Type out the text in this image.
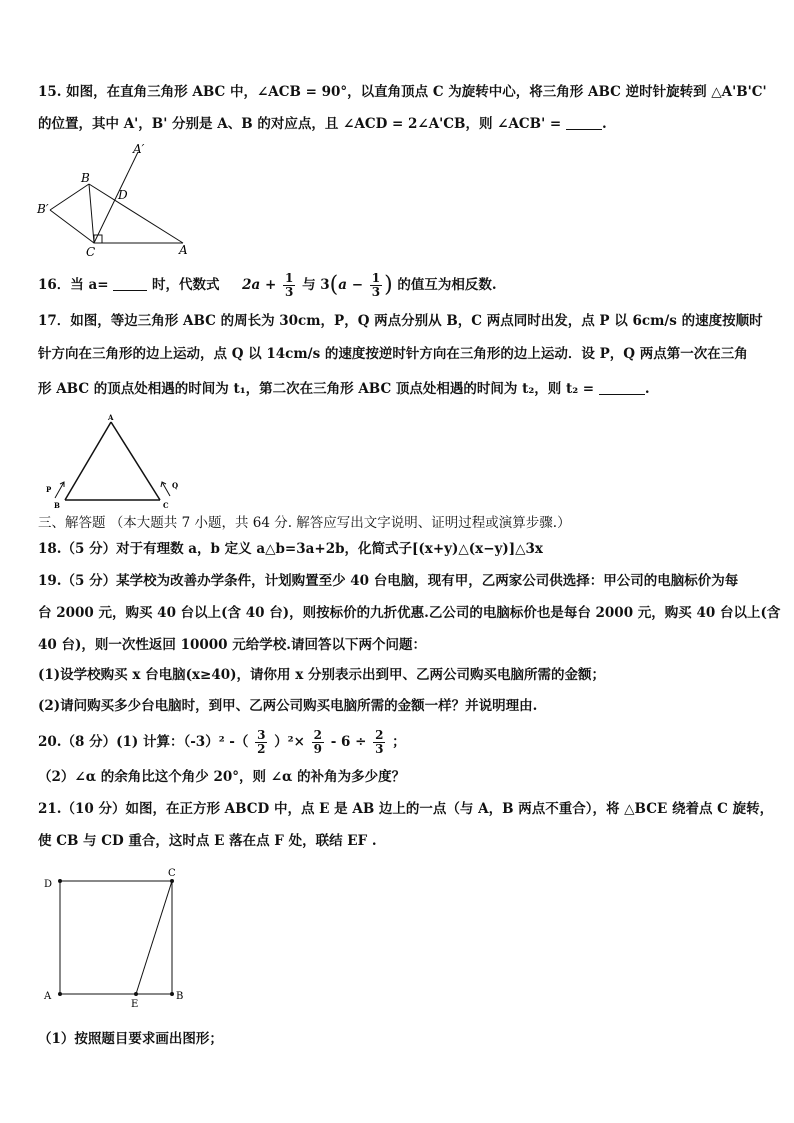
15. 如图，在直角三角形 ABC 中，∠ACB = 90°，以直角顶点 C 为旋转中心，将三角形 ABC 逆时针旋转到 △A'B'C'
的位置，其中 A'，B' 分别是 A、B 的对应点，且 ∠ACD = 2∠A'CB，则 ∠ACB' =	.
A′
B
D
B′
C	A
16．当 a=	时，代数式 $2a + \frac{1}{3}$ 与 $3(a - \frac{1}{3}$ ) 的值互为相反数.
17．如图，等边三角形 ABC 的周长为 30cm，P，Q 两点分别从 B，C 两点同时出发，点 P 以 6cm/s 的速度按顺时
针方向在三角形的边上运动，点 Q 以 14cm/s 的速度按逆时针方向在三角形的边上运动．设 P，Q 两点第一次在三角
形 ABC 的顶点处相遇的时间为 t₁，第二次在三角形 ABC 顶点处相遇的时间为 t₂，则 t₂ =	.
A
B	C
P	Q
三、解答题 （本大题共 7 小题，共 64 分. 解答应写出文字说明、证明过程或演算步骤.）
18.（5 分）对于有理数 a，b 定义 a△b=3a+2b，化简式子[(x+y)△(x−y)]△3x
19.（5 分）某学校为改善办学条件，计划购置至少 40 台电脑，现有甲，乙两家公司供选择：甲公司的电脑标价为每
台 2000 元，购买 40 台以上(含 40 台)，则按标价的九折优惠.乙公司的电脑标价也是每台 2000 元，购买 40 台以上(含
40 台)，则一次性返回 10000 元给学校.请回答以下两个问题：
(1)设学校购买 x 台电脑(x≥40)，请你用 x 分别表示出到甲、乙两公司购买电脑所需的金额；
(2)请问购买多少台电脑时，到甲、乙两公司购买电脑所需的金额一样？并说明理由.
20.（8 分）(1) 计算：（-3）² -（ $\frac{3}{2} )^2\times \frac{2}{9} - 6 \div \frac{2}{3}$ ；
（2）∠α 的余角比这个角少 20°，则 ∠α 的补角为多少度？
21.（10 分）如图，在正方形 ABCD 中，点 E 是 AB 边上的一点（与 A，B 两点不重合），将 △BCE 绕着点 C 旋转，
使 CB 与 CD 重合，这时点 E 落在点 F 处，联结 EF .
D
C
A	B
E
（1）按照题目要求画出图形；
